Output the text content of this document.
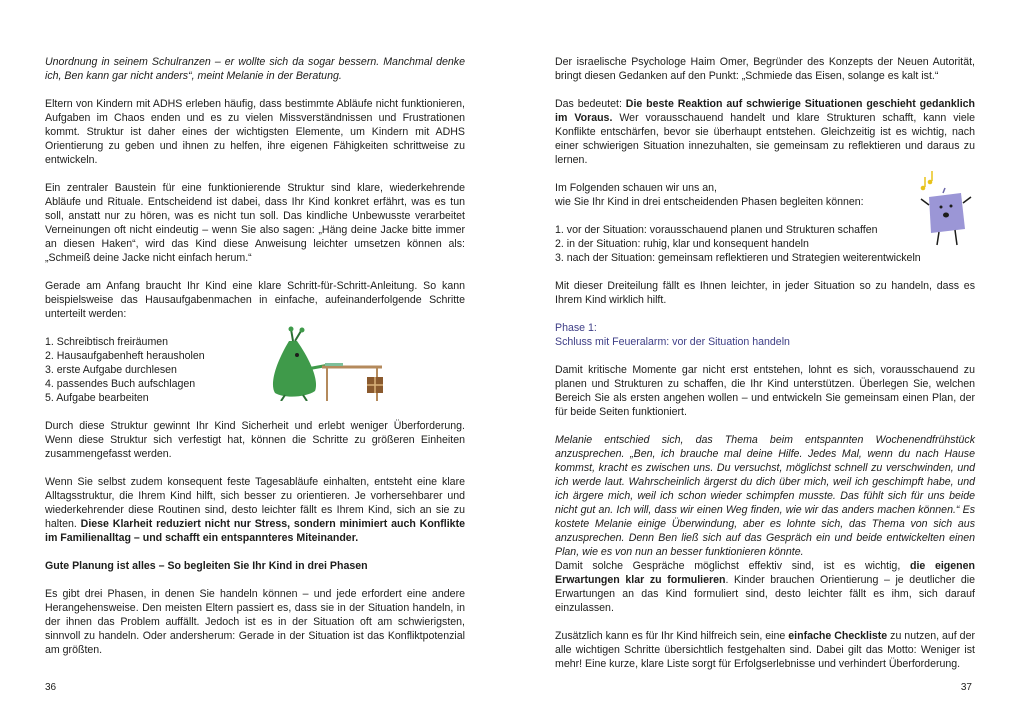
Unordnung in seinem Schulranzen – er wollte sich da sogar bessern. Manchmal denke ich, Ben kann gar nicht anders“, meint Melanie in der Beratung.

Eltern von Kindern mit ADHS erleben häufig, dass bestimmte Abläufe nicht funktionieren, Aufgaben im Chaos enden und es zu vielen Missverständnissen und Frustrationen kommt. Struktur ist daher eines der wichtigsten Elemente, um Kindern mit ADHS Orientierung zu geben und ihnen zu helfen, ihre eigenen Fähigkeiten schrittweise zu entwickeln.

Ein zentraler Baustein für eine funktionierende Struktur sind klare, wiederkehrende Abläufe und Rituale. Entscheidend ist dabei, dass Ihr Kind konkret erfährt, was es tun soll, anstatt nur zu hören, was es nicht tun soll. Das kindliche Unbewusste verarbeitet Verneinungen oft nicht eindeutig – wenn Sie also sagen: „Häng deine Jacke bitte immer an diesen Haken“, wird das Kind diese Anweisung leichter umsetzen können als: „Schmeiß deine Jacke nicht einfach herum.“

Gerade am Anfang braucht Ihr Kind eine klare Schritt-für-Schritt-Anleitung. So kann beispielsweise das Hausaufgabenmachen in einfache, aufeinanderfolgende Schritte unterteilt werden:

1. Schreibtisch freiräumen
2. Hausaufgabenheft herausholen
3. erste Aufgabe durchlesen
4. passendes Buch aufschlagen
5. Aufgabe bearbeiten

Durch diese Struktur gewinnt Ihr Kind Sicherheit und erlebt weniger Überforderung. Wenn diese Struktur sich verfestigt hat, können die Schritte zu größeren Einheiten zusammengefasst werden.

Wenn Sie selbst zudem konsequent feste Tagesabläufe einhalten, entsteht eine klare Alltagsstruktur, die Ihrem Kind hilft, sich besser zu orientieren. Je vorhersehbarer und wiederkehrender diese Routinen sind, desto leichter fällt es Ihrem Kind, sich an sie zu halten. Diese Klarheit reduziert nicht nur Stress, sondern minimiert auch Konflikte im Familienalltag – und schafft ein entspannteres Miteinander.

Gute Planung ist alles – So begleiten Sie Ihr Kind in drei Phasen

Es gibt drei Phasen, in denen Sie handeln können – und jede erfordert eine andere Herangehensweise. Den meisten Eltern passiert es, dass sie in der Situation handeln, in der ihnen das Problem auffällt. Jedoch ist es in der Situation oft am schwierigsten, sinnvoll zu handeln. Oder andersherum: Gerade in der Situation ist das Konfliktpotenzial am größten.

36

Der israelische Psychologe Haim Omer, Begründer des Konzepts der Neuen Autorität, bringt diesen Gedanken auf den Punkt: „Schmiede das Eisen, solange es kalt ist.“

Das bedeutet: Die beste Reaktion auf schwierige Situationen geschieht gedanklich im Voraus. Wer vorausschauend handelt und klare Strukturen schafft, kann viele Konflikte entschärfen, bevor sie überhaupt entstehen. Gleichzeitig ist es wichtig, nach einer schwierigen Situation innezuhalten, sie gemeinsam zu reflektieren und daraus zu lernen.

Im Folgenden schauen wir uns an,

wie Sie Ihr Kind in drei entscheidenden Phasen begleiten können:

1. vor der Situation: vorausschauend planen und Strukturen schaffen
2. in der Situation: ruhig, klar und konsequent handeln
3. nach der Situation: gemeinsam reflektieren und Strategien weiterentwickeln

Mit dieser Dreiteilung fällt es Ihnen leichter, in jeder Situation so zu handeln, dass es Ihrem Kind wirklich hilft.

Phase 1:

Schluss mit Feueralarm: vor der Situation handeln

Damit kritische Momente gar nicht erst entstehen, lohnt es sich, vorausschauend zu planen und Strukturen zu schaffen, die Ihr Kind unterstützen. Überlegen Sie, welchen Bereich Sie als ersten angehen wollen – und entwickeln Sie gemeinsam einen Plan, der für beide Seiten funktioniert.

Melanie entschied sich, das Thema beim entspannten Wochenendfrühstück anzusprechen. „Ben, ich brauche mal deine Hilfe. Jedes Mal, wenn du nach Hause kommst, kracht es zwischen uns. Du versuchst, möglichst schnell zu verschwinden, und ich werde laut. Wahrscheinlich ärgerst du dich über mich, weil ich geschimpft habe, und ich ärgere mich, weil ich schon wieder schimpfen musste. Das fühlt sich für uns beide nicht gut an. Ich will, dass wir einen Weg finden, wie wir das anders machen können.“ Es kostete Melanie einige Überwindung, aber es lohnte sich, das Thema von sich aus anzusprechen. Denn Ben ließ sich auf das Gespräch ein und beide entwickelten einen Plan, wie es von nun an besser funktionieren könnte.

Damit solche Gespräche möglichst effektiv sind, ist es wichtig, die eigenen Erwartungen klar zu formulieren. Kinder brauchen Orientierung – je deutlicher die Erwartungen an das Kind formuliert sind, desto leichter fällt es ihm, sich darauf einzulassen.

Zusätzlich kann es für Ihr Kind hilfreich sein, eine einfache Checkliste zu nutzen, auf der alle wichtigen Schritte übersichtlich festgehalten sind. Dabei gilt das Motto: Weniger ist mehr! Eine kurze, klare Liste sorgt für Erfolgserlebnisse und verhindert Überforderung.

37
